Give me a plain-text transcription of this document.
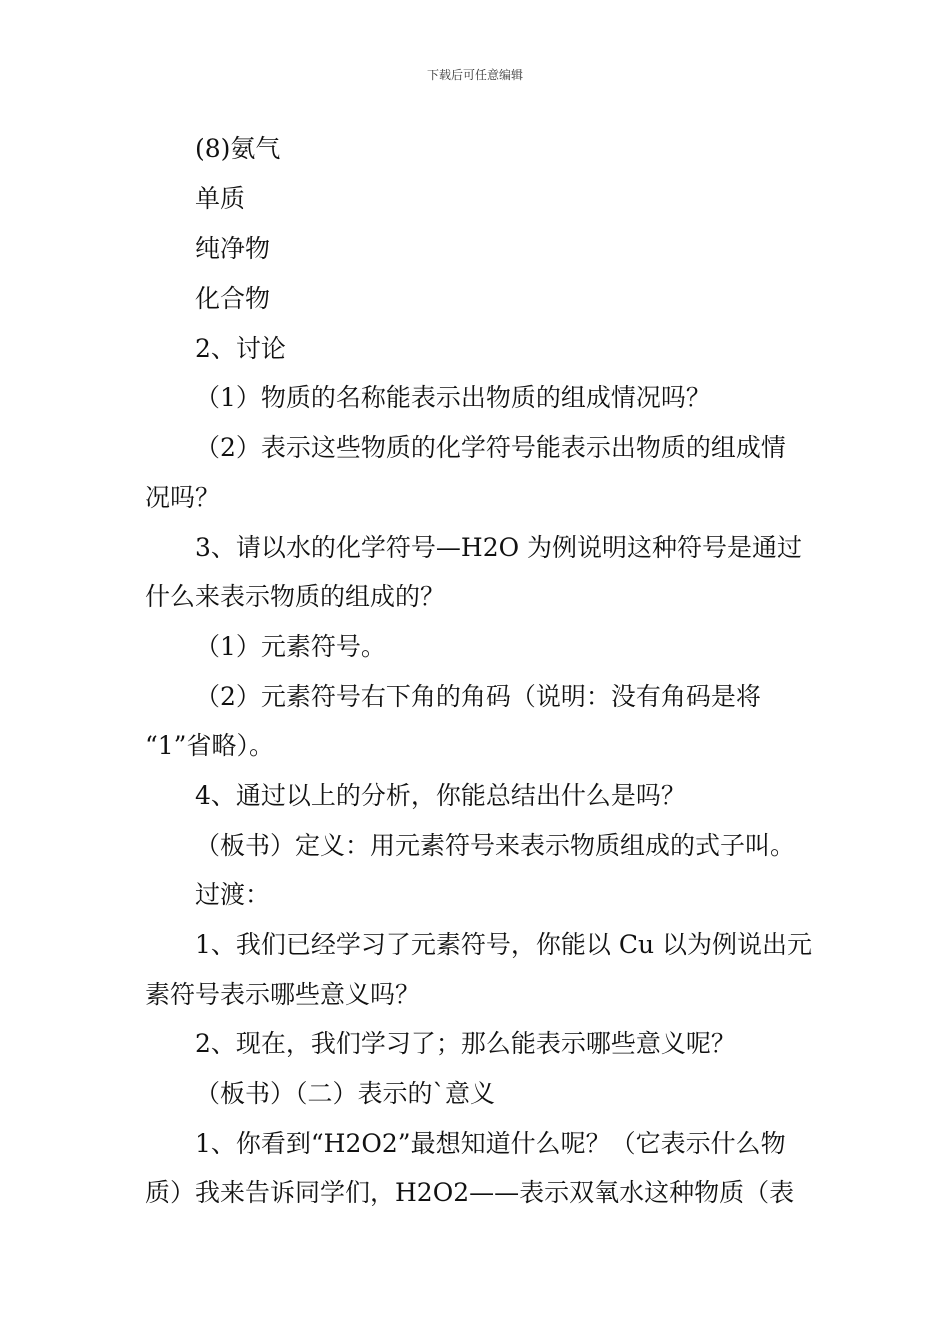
下载后可任意编辑
(8)氨气
单质
纯净物
化合物
2、讨论
（1）物质的名称能表示出物质的组成情况吗？
（2）表示这些物质的化学符号能表示出物质的组成情
况吗？
3、请以水的化学符号—H2O 为例说明这种符号是通过
什么来表示物质的组成的？
（1）元素符号。
（2）元素符号右下角的角码（说明：没有角码是将
“1”省略）。
4、通过以上的分析，你能总结出什么是吗？
（板书）定义：用元素符号来表示物质组成的式子叫。
过渡：
1、我们已经学习了元素符号，你能以 Cu 以为例说出元
素符号表示哪些意义吗？
2、现在，我们学习了；那么能表示哪些意义呢？
（板书）（二）表示的`意义
1、你看到“H2O2”最想知道什么呢？（它表示什么物
质）我来告诉同学们，H2O2——表示双氧水这种物质（表
